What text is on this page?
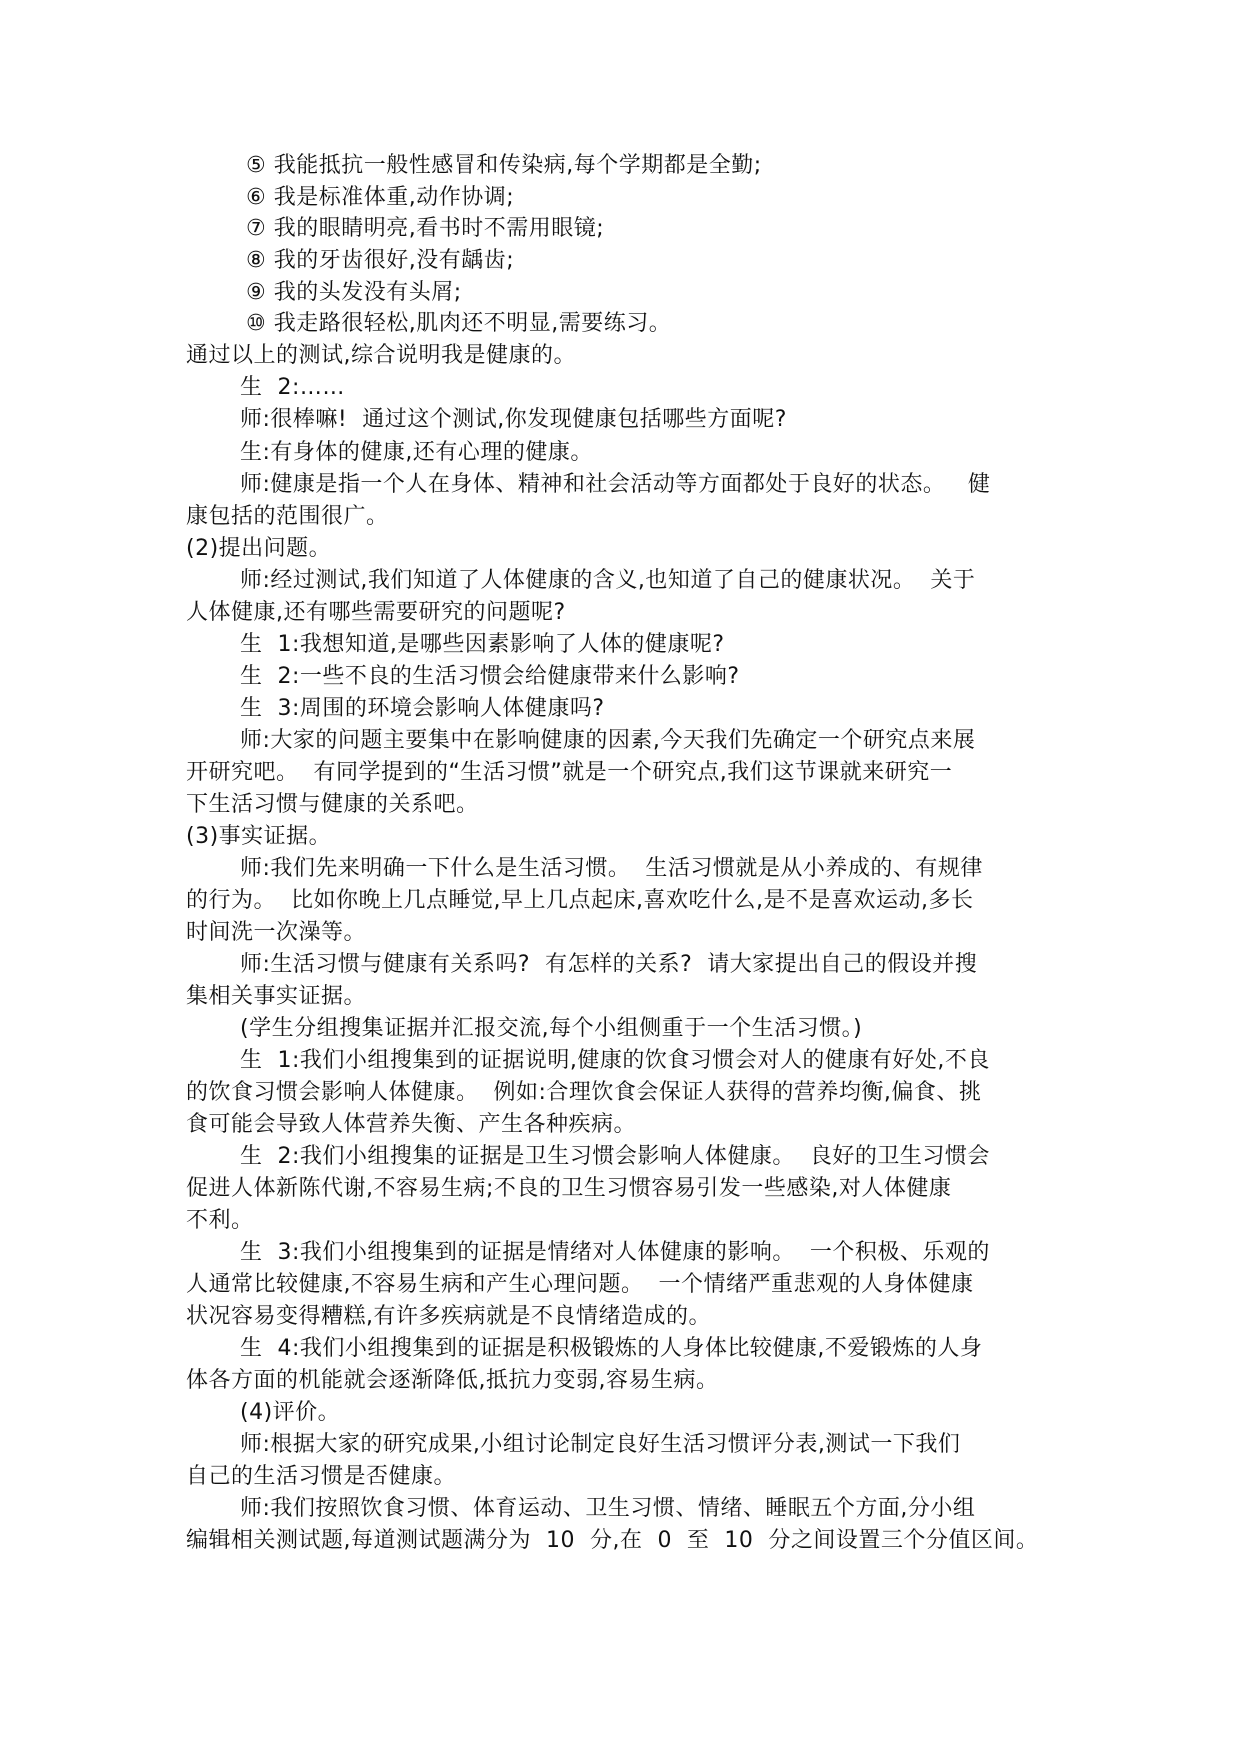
⑤ 我能抵抗一般性感冒和传染病,每个学期都是全勤;
⑥ 我是标准体重,动作协调;
⑦ 我的眼睛明亮,看书时不需用眼镜;
⑧ 我的牙齿很好,没有龋齿;
⑨ 我的头发没有头屑;
⑩ 我走路很轻松,肌肉还不明显,需要练习。
通过以上的测试,综合说明我是健康的。
生  2:……
师:很棒嘛!  通过这个测试,你发现健康包括哪些方面呢?
生:有身体的健康,还有心理的健康。
师:健康是指一个人在身体、精神和社会活动等方面都处于良好的状态。   健
康包括的范围很广。
(2)提出问题。
师:经过测试,我们知道了人体健康的含义,也知道了自己的健康状况。  关于
人体健康,还有哪些需要研究的问题呢?
生  1:我想知道,是哪些因素影响了人体的健康呢?
生  2:一些不良的生活习惯会给健康带来什么影响?
生  3:周围的环境会影响人体健康吗?
师:大家的问题主要集中在影响健康的因素,今天我们先确定一个研究点来展
开研究吧。  有同学提到的“生活习惯”就是一个研究点,我们这节课就来研究一
下生活习惯与健康的关系吧。
(3)事实证据。
师:我们先来明确一下什么是生活习惯。  生活习惯就是从小养成的、有规律
的行为。  比如你晚上几点睡觉,早上几点起床,喜欢吃什么,是不是喜欢运动,多长
时间洗一次澡等。
师:生活习惯与健康有关系吗?  有怎样的关系?  请大家提出自己的假设并搜
集相关事实证据。
(学生分组搜集证据并汇报交流,每个小组侧重于一个生活习惯。)
生  1:我们小组搜集到的证据说明,健康的饮食习惯会对人的健康有好处,不良
的饮食习惯会影响人体健康。  例如:合理饮食会保证人获得的营养均衡,偏食、挑
食可能会导致人体营养失衡、产生各种疾病。
生  2:我们小组搜集的证据是卫生习惯会影响人体健康。  良好的卫生习惯会
促进人体新陈代谢,不容易生病;不良的卫生习惯容易引发一些感染,对人体健康
不利。
生  3:我们小组搜集到的证据是情绪对人体健康的影响。  一个积极、乐观的
人通常比较健康,不容易生病和产生心理问题。  一个情绪严重悲观的人身体健康
状况容易变得糟糕,有许多疾病就是不良情绪造成的。
生  4:我们小组搜集到的证据是积极锻炼的人身体比较健康,不爱锻炼的人身
体各方面的机能就会逐渐降低,抵抗力变弱,容易生病。
(4)评价。
师:根据大家的研究成果,小组讨论制定良好生活习惯评分表,测试一下我们
自己的生活习惯是否健康。
师:我们按照饮食习惯、体育运动、卫生习惯、情绪、睡眠五个方面,分小组
编辑相关测试题,每道测试题满分为  10  分,在  0  至  10  分之间设置三个分值区间。
